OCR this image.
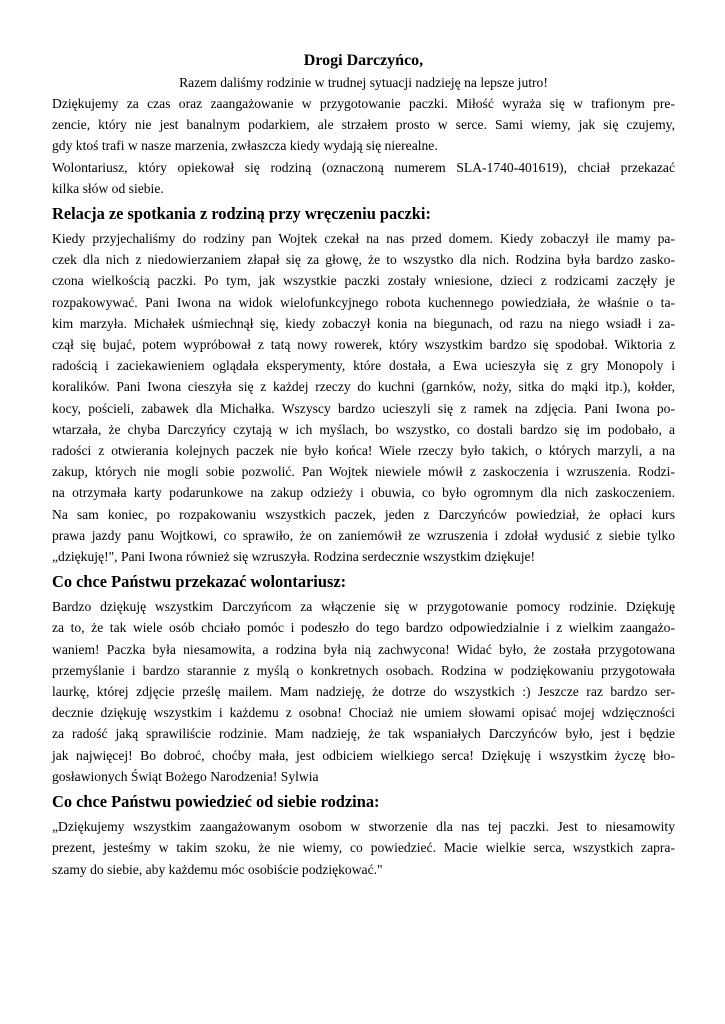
Drogi Darczyńco,
Razem daliśmy rodzinie w trudnej sytuacji nadzieję na lepsze jutro!

Dziękujemy za czas oraz zaangażowanie w przygotowanie paczki. Miłość wyraża się w trafionym pre-
zencie, który nie jest banalnym podarkiem, ale strzałem prosto w serce. Sami wiemy, jak się czujemy,
gdy ktoś trafi w nasze marzenia, zwłaszcza kiedy wydają się nierealne.
Wolontariusz, który opiekował się rodziną (oznaczoną numerem SLA-1740-401619), chciał przekazać
kilka słów od siebie.

Relacja ze spotkania z rodziną przy wręczeniu paczki:

Kiedy przyjechaliśmy do rodziny pan Wojtek czekał na nas przed domem. Kiedy zobaczył ile mamy pa-
czek dla nich z niedowierzaniem złapał się za głowę, że to wszystko dla nich. Rodzina była bardzo zasko-
czona wielkością paczki. Po tym, jak wszystkie paczki zostały wniesione, dzieci z rodzicami zaczęły je
rozpakowywać. Pani Iwona na widok wielofunkcyjnego robota kuchennego powiedziała, że właśnie o ta-
kim marzyła. Michałek uśmiechnął się, kiedy zobaczył konia na biegunach, od razu na niego wsiadł i za-
czął się bujać, potem wypróbował z tatą nowy rowerek, który wszystkim bardzo się spodobał. Wiktoria z
radością i zaciekawieniem oglądała eksperymenty, które dostała, a Ewa ucieszyła się z gry Monopoly i
koralików. Pani Iwona cieszyła się z każdej rzeczy do kuchni (garnków, noży, sitka do mąki itp.), kołder,
kocy, pościeli, zabawek dla Michałka. Wszyscy bardzo ucieszyli się z ramek na zdjęcia. Pani Iwona po-
wtarzała, że chyba Darczyńcy czytają w ich myślach, bo wszystko, co dostali bardzo się im podobało, a
radości z otwierania kolejnych paczek nie było końca! Wiele rzeczy było takich, o których marzyli, a na
zakup, których nie mogli sobie pozwolić. Pan Wojtek niewiele mówił z zaskoczenia i wzruszenia. Rodzi-
na otrzymała karty podarunkowe na zakup odzieży i obuwia, co było ogromnym dla nich zaskoczeniem.
Na sam koniec, po rozpakowaniu wszystkich paczek, jeden z Darczyńców powiedział, że opłaci kurs
prawa jazdy panu Wojtkowi, co sprawiło, że on zaniemówił ze wzruszenia i zdołał wydusić z siebie tylko
„dziękuję!", Pani Iwona również się wzruszyła. Rodzina serdecznie wszystkim dziękuje!

Co chce Państwu przekazać wolontariusz:

Bardzo dziękuję wszystkim Darczyńcom za włączenie się w przygotowanie pomocy rodzinie. Dziękuję
za to, że tak wiele osób chciało pomóc i podeszło do tego bardzo odpowiedzialnie i z wielkim zaangażo-
waniem! Paczka była niesamowita, a rodzina była nią zachwycona! Widać było, że została przygotowana
przemyślanie i bardzo starannie z myślą o konkretnych osobach. Rodzina w podziękowaniu przygotowała
laurkę, której zdjęcie prześlę mailem. Mam nadzieję, że dotrze do wszystkich :) Jeszcze raz bardzo ser-
decznie dziękuję wszystkim i każdemu z osobna! Chociaż nie umiem słowami opisać mojej wdzięczności
za radość jaką sprawiliście rodzinie. Mam nadzieję, że tak wspaniałych Darczyńców było, jest i będzie
jak najwięcej! Bo dobroć, choćby mała, jest odbiciem wielkiego serca! Dziękuję i wszystkim życzę bło-
gosławionych Świąt Bożego Narodzenia! Sylwia

Co chce Państwu powiedzieć od siebie rodzina:

„Dziękujemy wszystkim zaangażowanym osobom w stworzenie dla nas tej paczki. Jest to niesamowity
prezent, jesteśmy w takim szoku, że nie wiemy, co powiedzieć. Macie wielkie serca, wszystkich zapra-
szamy do siebie, aby każdemu móc osobiście podziękować."
